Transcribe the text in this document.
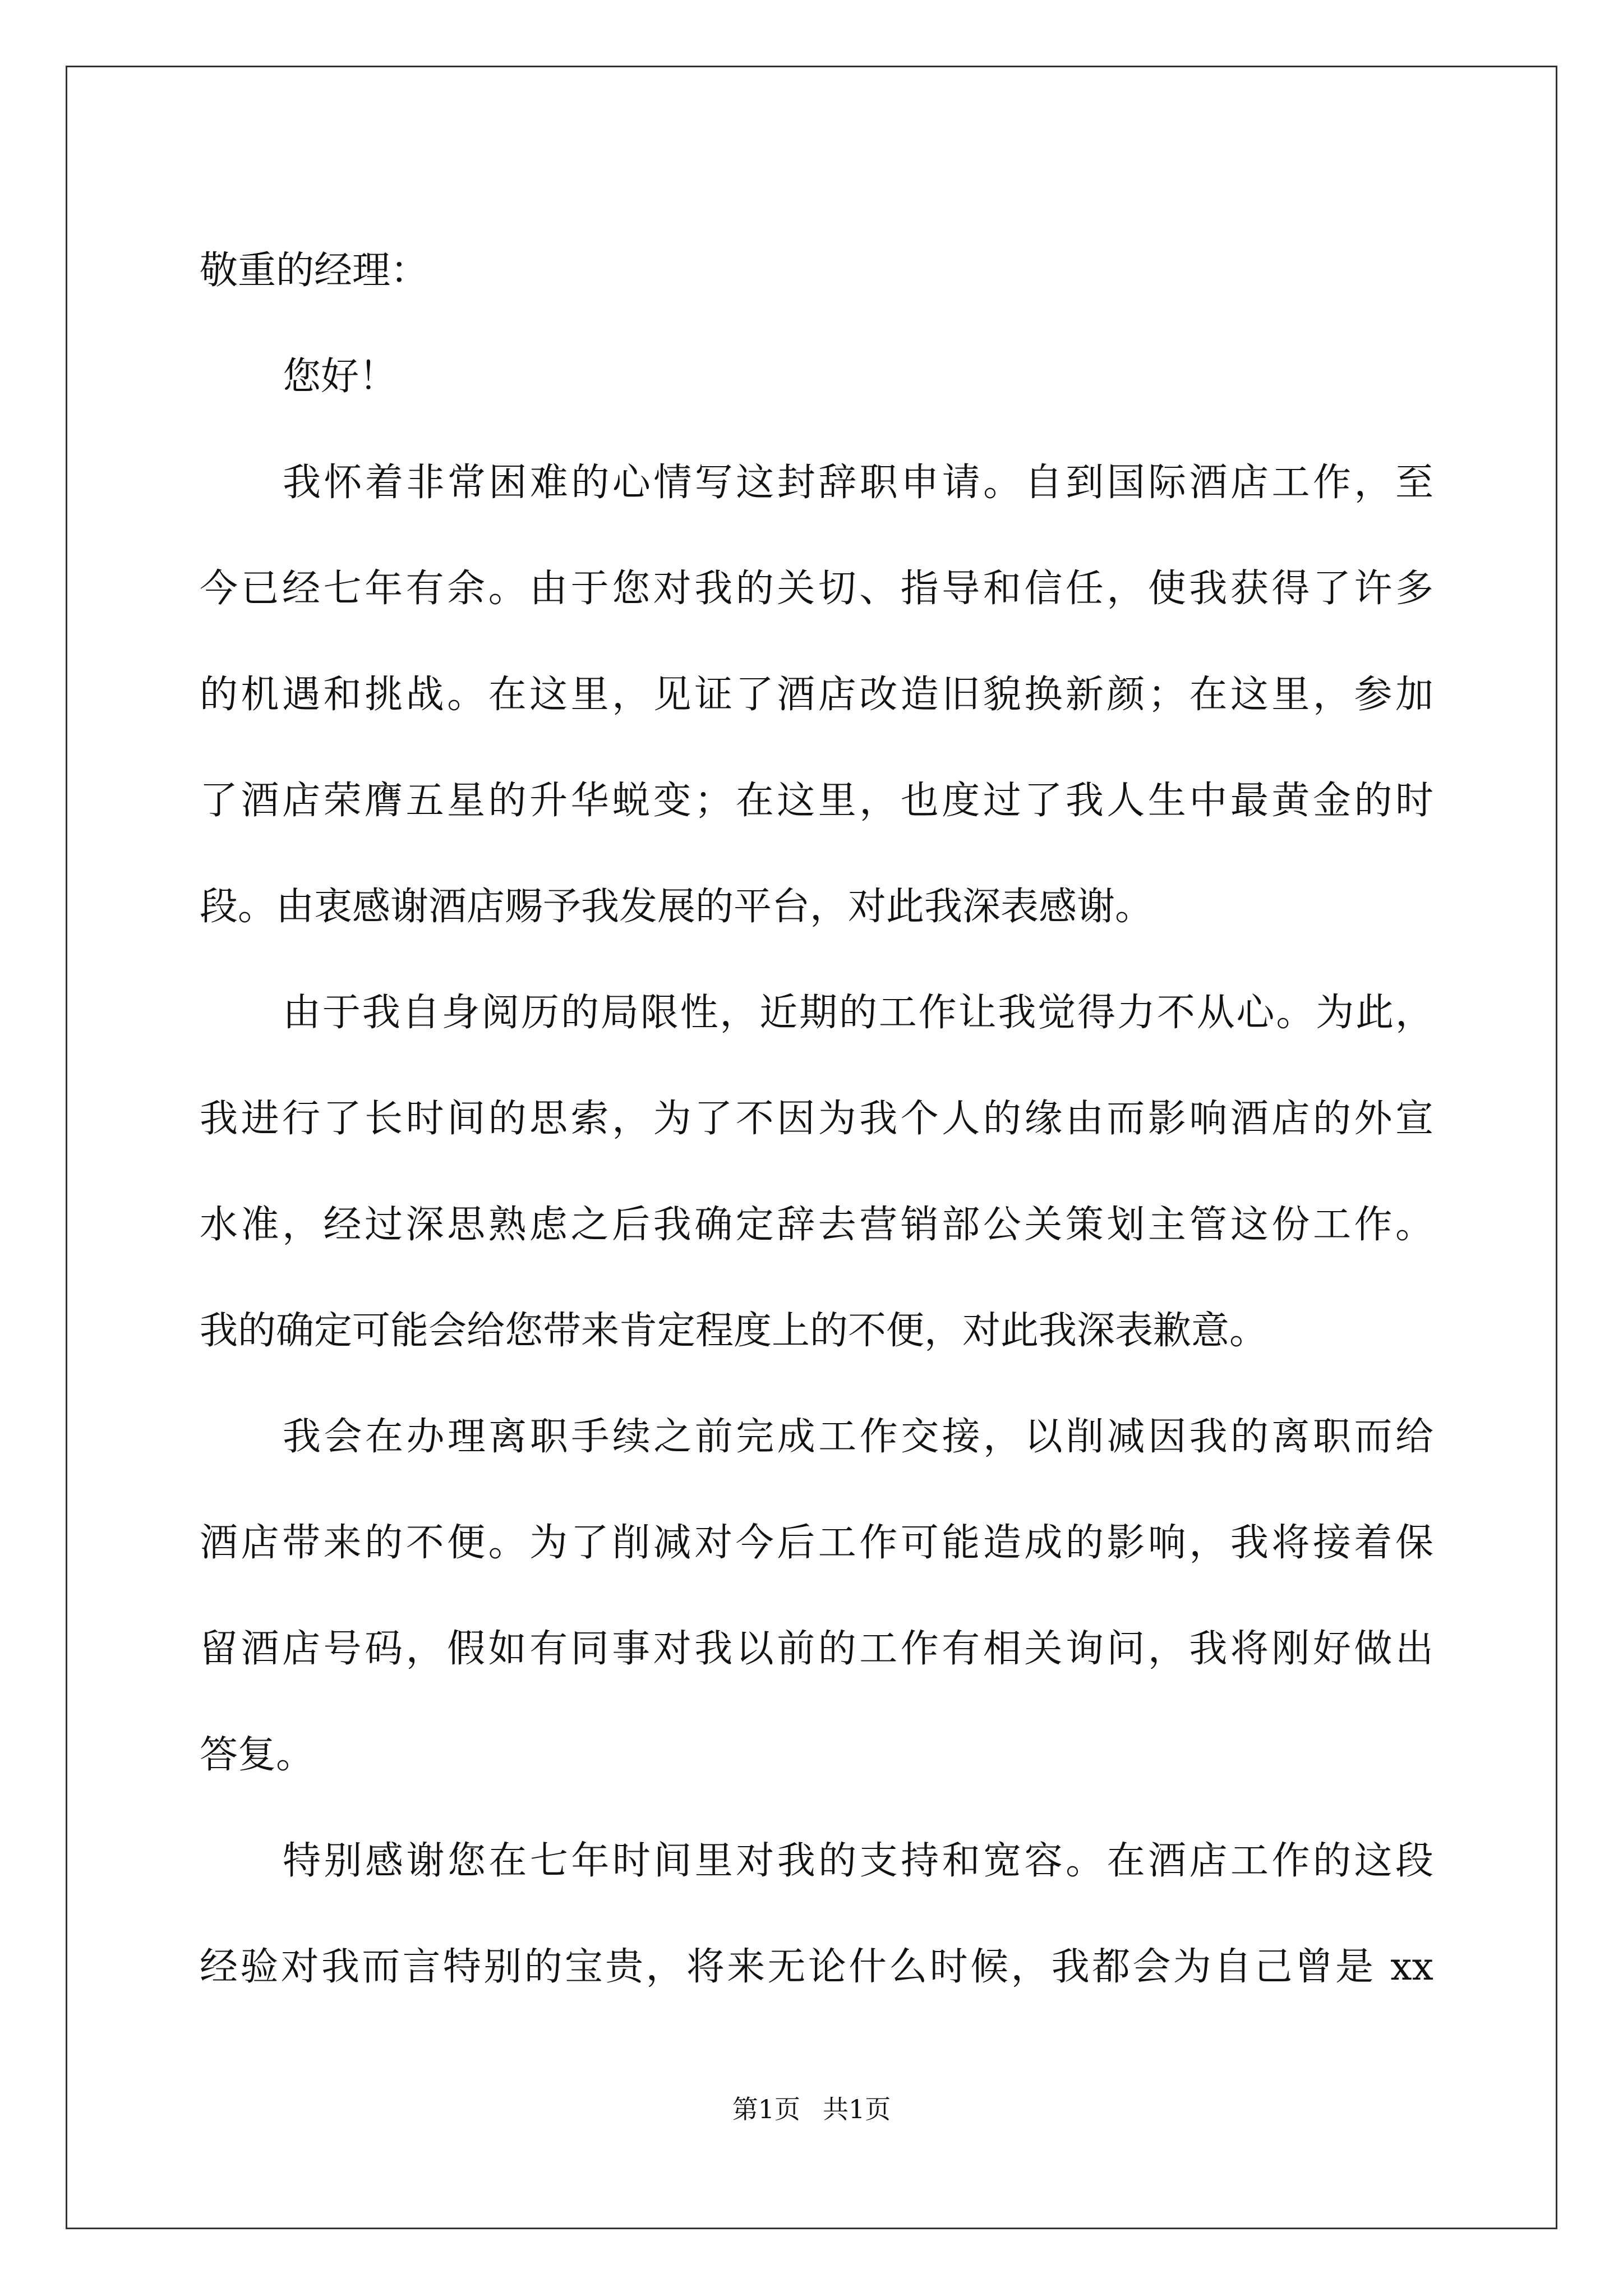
敬重的经理：
您好！
我怀着非常困难的心情写这封辞职申请。自到国际酒店工作，至
今已经七年有余。由于您对我的关切、指导和信任，使我获得了许多
的机遇和挑战。在这里，见证了酒店改造旧貌换新颜；在这里，参加
了酒店荣膺五星的升华蜕变；在这里，也度过了我人生中最黄金的时
段。由衷感谢酒店赐予我发展的平台，对此我深表感谢。
由于我自身阅历的局限性，近期的工作让我觉得力不从心。为此，
我进行了长时间的思索，为了不因为我个人的缘由而影响酒店的外宣
水准，经过深思熟虑之后我确定辞去营销部公关策划主管这份工作。
我的确定可能会给您带来肯定程度上的不便，对此我深表歉意。
我会在办理离职手续之前完成工作交接，以削减因我的离职而给
酒店带来的不便。为了削减对今后工作可能造成的影响，我将接着保
留酒店号码，假如有同事对我以前的工作有相关询问，我将刚好做出
答复。
特别感谢您在七年时间里对我的支持和宽容。在酒店工作的这段
经验对我而言特别的宝贵，将来无论什么时候，我都会为自己曾是 xx
第1页 共1页
